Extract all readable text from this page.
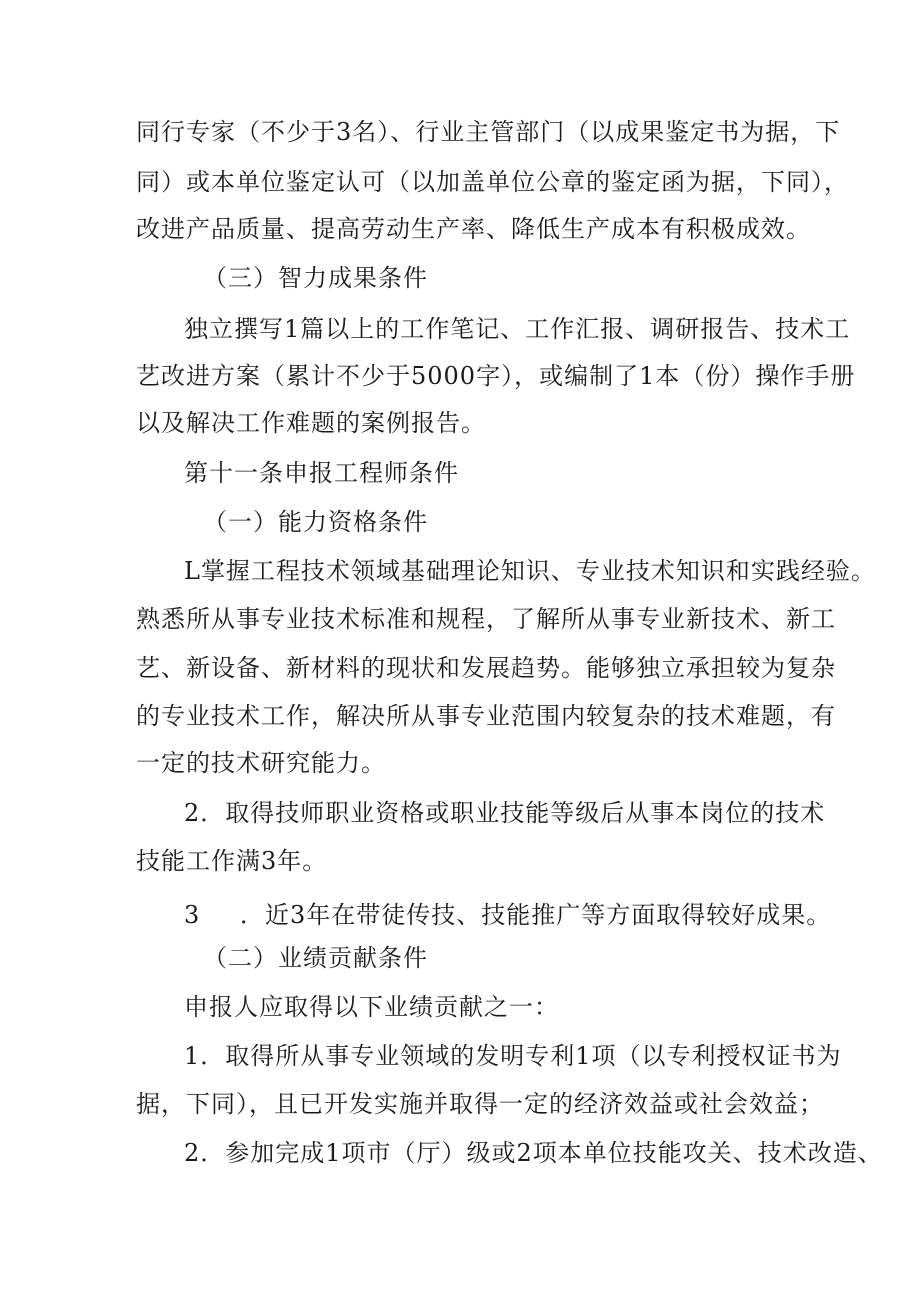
同行专家（不少于3名）、行业主管部门（以成果鉴定书为据，下
同）或本单位鉴定认可（以加盖单位公章的鉴定函为据，下同），
改进产品质量、提高劳动生产率、降低生产成本有积极成效。
（三）智力成果条件
独立撰写1篇以上的工作笔记、工作汇报、调研报告、技术工
艺改进方案（累计不少于5000字），或编制了1本（份）操作手册
以及解决工作难题的案例报告。
第十一条申报工程师条件
（一）能力资格条件
L掌握工程技术领域基础理论知识、专业技术知识和实践经验。
熟悉所从事专业技术标准和规程，了解所从事专业新技术、新工
艺、新设备、新材料的现状和发展趋势。能够独立承担较为复杂
的专业技术工作，解决所从事专业范围内较复杂的技术难题，有
一定的技术研究能力。
2．取得技师职业资格或职业技能等级后从事本岗位的技术
技能工作满3年。
3 ．近3年在带徒传技、技能推广等方面取得较好成果。
（二）业绩贡献条件
申报人应取得以下业绩贡献之一：
1．取得所从事专业领域的发明专利1项（以专利授权证书为
据，下同），且已开发实施并取得一定的经济效益或社会效益；
2．参加完成1项市（厅）级或2项本单位技能攻关、技术改造、
